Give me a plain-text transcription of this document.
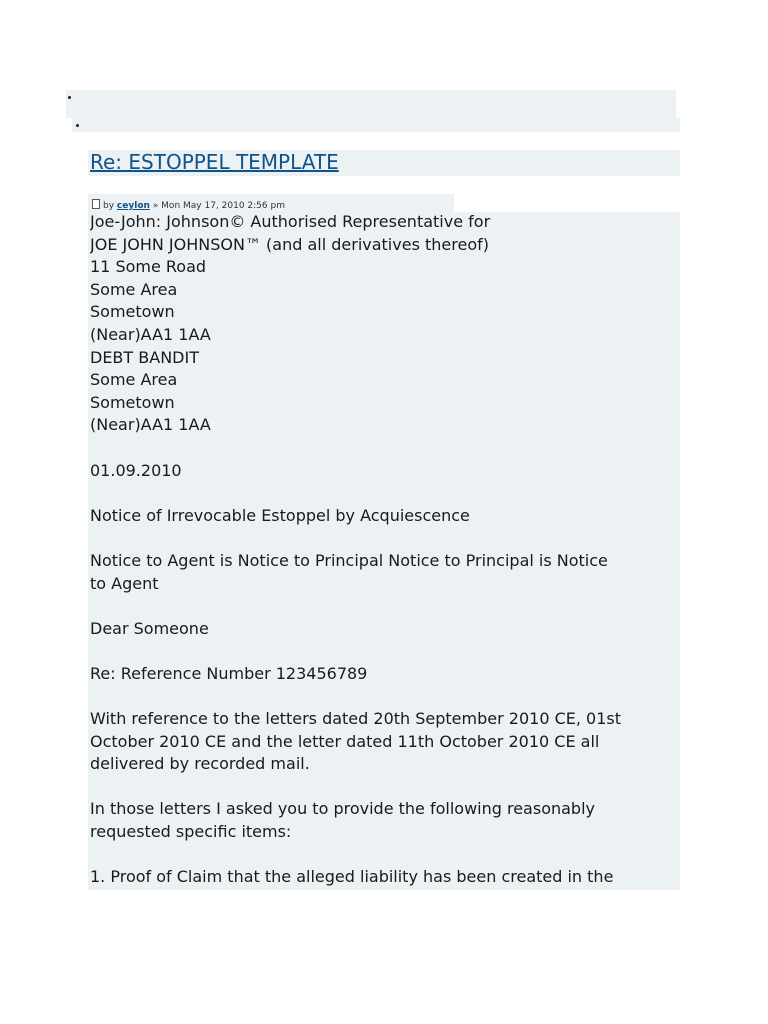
Re: ESTOPPEL TEMPLATE
by ceylon » Mon May 17, 2010 2:56 pm
Joe-John: Johnson© Authorised Representative for
JOE JOHN JOHNSON™ (and all derivatives thereof)
11 Some Road
Some Area
Sometown
(Near)AA1 1AA
DEBT BANDIT
Some Area
Sometown
(Near)AA1 1AA
01.09.2010
Notice of Irrevocable Estoppel by Acquiescence
Notice to Agent is Notice to Principal Notice to Principal is Notice
to Agent
Dear Someone
Re: Reference Number 123456789
With reference to the letters dated 20th September 2010 CE, 01st
October 2010 CE and the letter dated 11th October 2010 CE all
delivered by recorded mail.
In those letters I asked you to provide the following reasonably
requested specific items:
1. Proof of Claim that the alleged liability has been created in the
